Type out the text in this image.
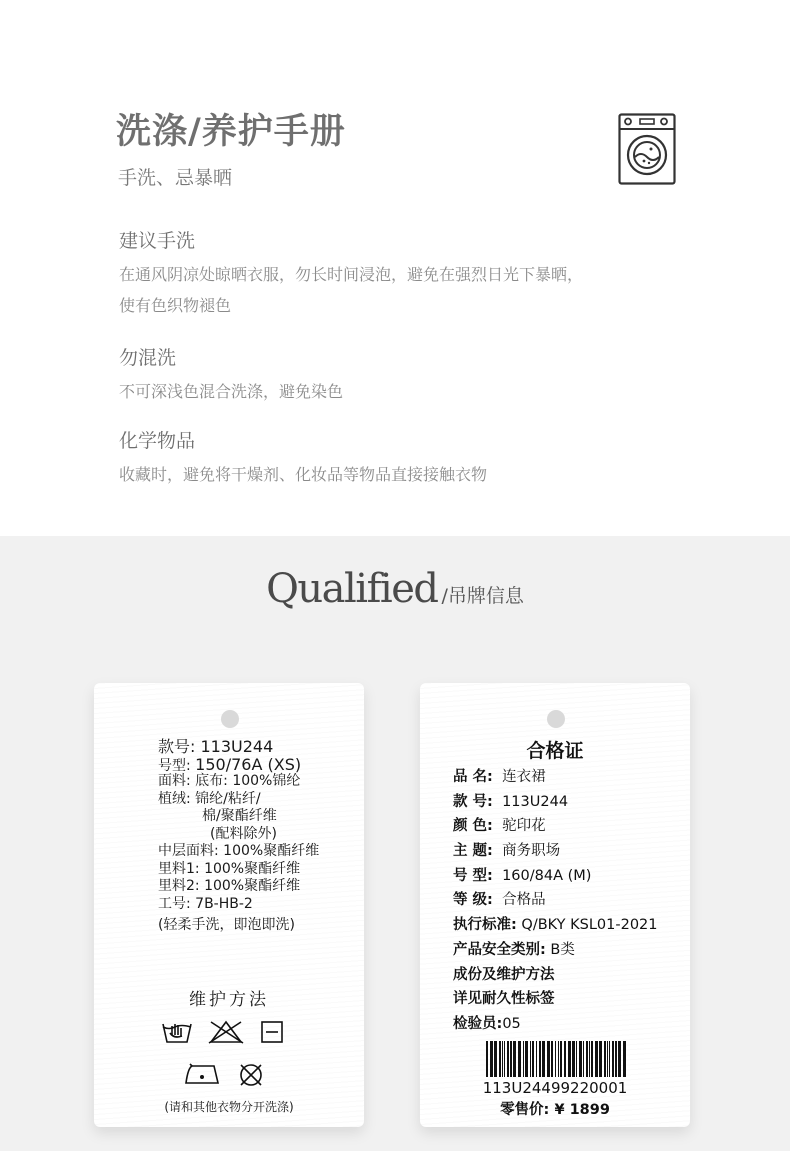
洗涤/养护手册
手洗、忌暴晒
建议手洗
在通风阴凉处晾晒衣服，勿长时间浸泡，避免在强烈日光下暴晒，
使有色织物褪色
勿混洗
不可深浅色混合洗涤，避免染色
化学物品
收藏时，避免将干燥剂、化妆品等物品直接接触衣物
Qualified /吊牌信息
款号: 113U244
号型: 150/76A (XS)
面料: 底布: 100%锦纶
植绒: 锦纶/粘纤/
棉/聚酯纤维
(配料除外)
中层面料: 100%聚酯纤维
里料1: 100%聚酯纤维
里料2: 100%聚酯纤维
工号: 7B-HB-2
(轻柔手洗，即泡即洗)
维护方法
(请和其他衣物分开洗涤)
合格证
品 名: 连衣裙
款 号: 113U244
颜 色: 驼印花
主 题: 商务职场
号 型: 160/84A (M)
等 级: 合格品
执行标准: Q/BKY KSL01-2021
产品安全类别: B类
成份及维护方法
详见耐久性标签
检验员:05
113U24499220001
零售价: ¥ 1899
